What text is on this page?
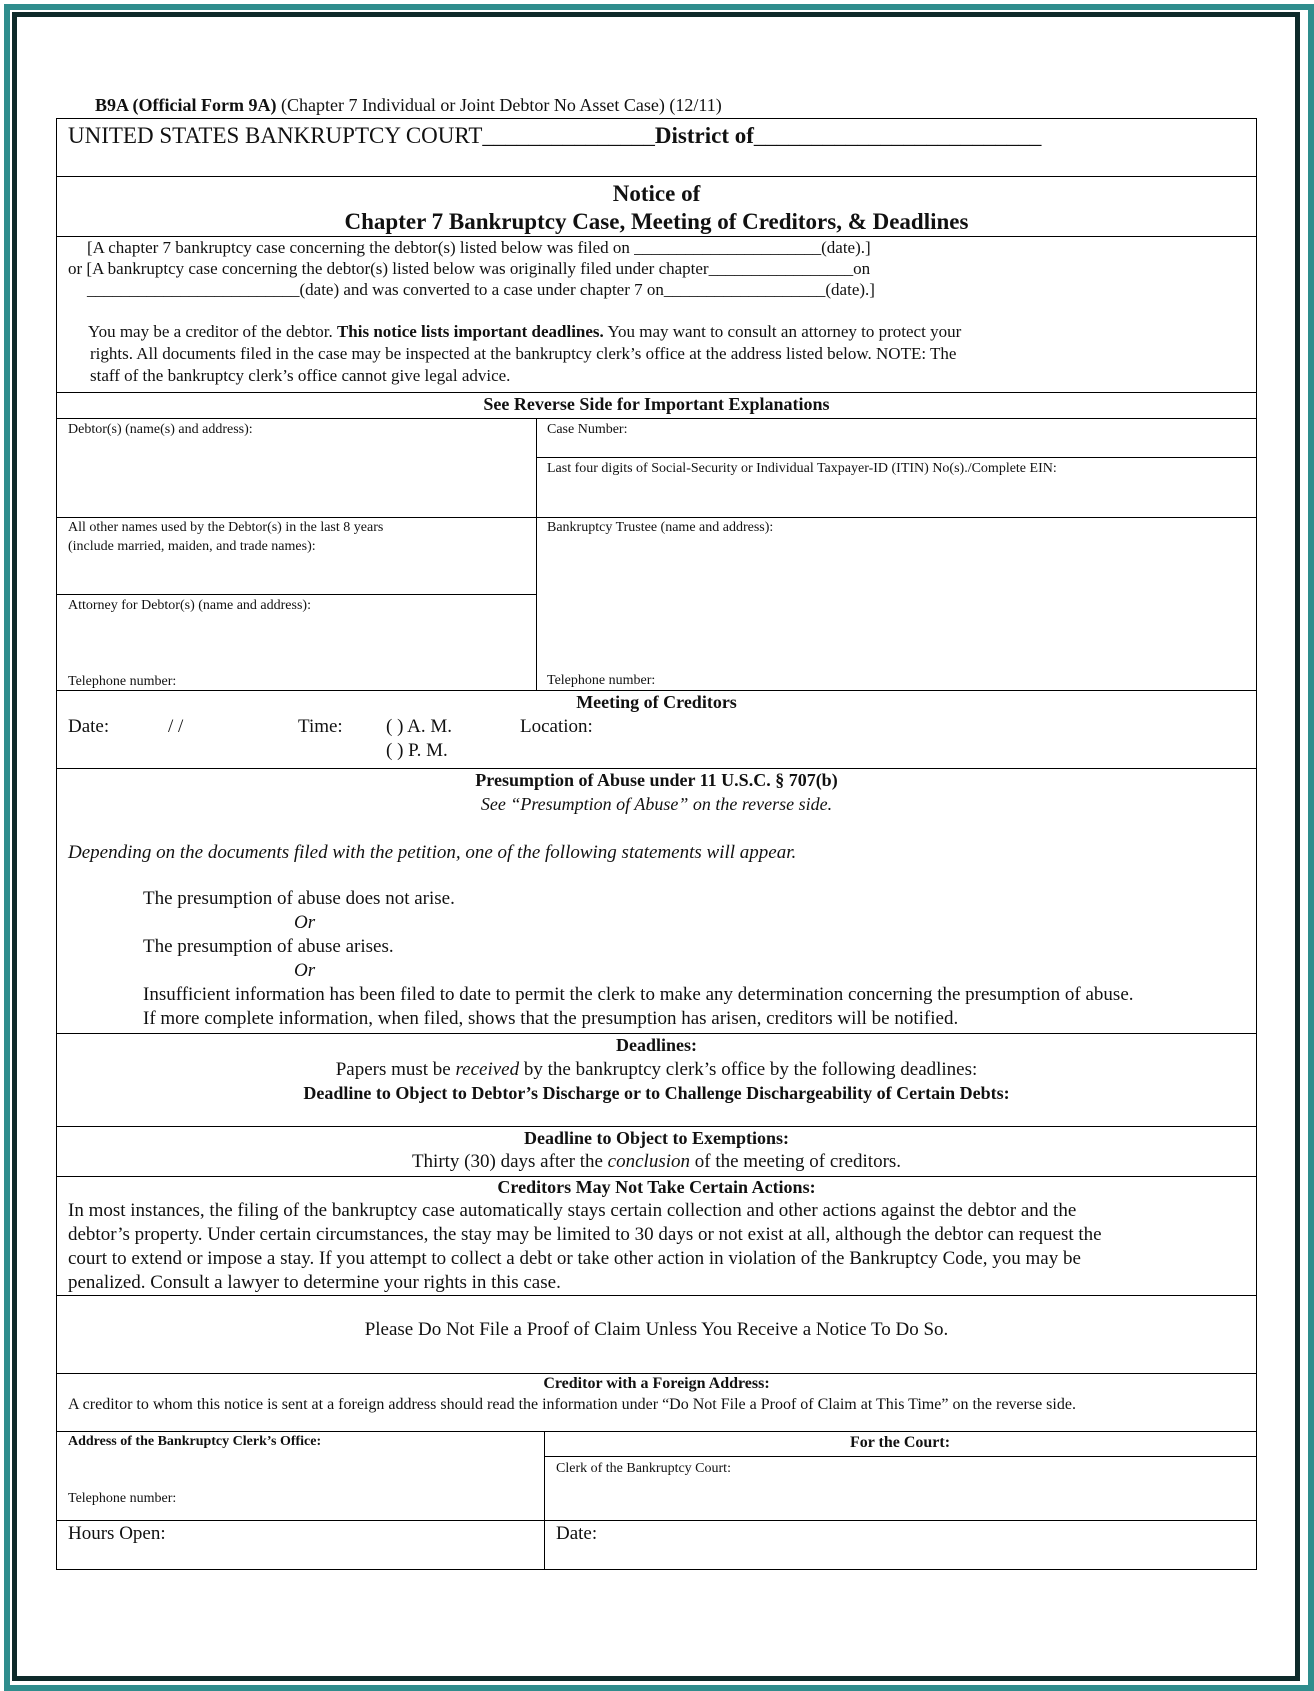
B9A (Official Form 9A) (Chapter 7 Individual or Joint Debtor No Asset Case) (12/11)
UNITED STATES BANKRUPTCY COURT_______________District of_________________________
Notice of
Chapter 7 Bankruptcy Case, Meeting of Creditors, & Deadlines
[A chapter 7 bankruptcy case concerning the debtor(s) listed below was filed on ______________________(date).]
or [A bankruptcy case concerning the debtor(s) listed below was originally filed under chapter_________________on
_________________________(date) and was converted to a case under chapter 7 on___________________(date).]
You may be a creditor of the debtor. This notice lists important deadlines. You may want to consult an attorney to protect your
rights. All documents filed in the case may be inspected at the bankruptcy clerk’s office at the address listed below. NOTE: The
staff of the bankruptcy clerk’s office cannot give legal advice.
See Reverse Side for Important Explanations
Debtor(s) (name(s) and address):	Case Number:
Last four digits of Social-Security or Individual Taxpayer-ID (ITIN) No(s)./Complete EIN:
All other names used by the Debtor(s) in the last 8 years
(include married, maiden, and trade names):
Bankruptcy Trustee (name and address):
Attorney for Debtor(s) (name and address):
Telephone number:	Telephone number:
Meeting of Creditors
Date:	/ /	Time: ( ) A. M.
( ) P. M.
Location:
Presumption of Abuse under 11 U.S.C. § 707(b)
See “Presumption of Abuse” on the reverse side.
Depending on the documents filed with the petition, one of the following statements will appear.
The presumption of abuse does not arise.
Or
The presumption of abuse arises.
Or
Insufficient information has been filed to date to permit the clerk to make any determination concerning the presumption of abuse.
If more complete information, when filed, shows that the presumption has arisen, creditors will be notified.
Deadlines:
Papers must be received by the bankruptcy clerk’s office by the following deadlines:
Deadline to Object to Debtor’s Discharge or to Challenge Dischargeability of Certain Debts:
Deadline to Object to Exemptions:
Thirty (30) days after the conclusion of the meeting of creditors.
Creditors May Not Take Certain Actions:
In most instances, the filing of the bankruptcy case automatically stays certain collection and other actions against the debtor and the
debtor’s property. Under certain circumstances, the stay may be limited to 30 days or not exist at all, although the debtor can request the
court to extend or impose a stay. If you attempt to collect a debt or take other action in violation of the Bankruptcy Code, you may be
penalized. Consult a lawyer to determine your rights in this case.
Please Do Not File a Proof of Claim Unless You Receive a Notice To Do So.
Creditor with a Foreign Address:
A creditor to whom this notice is sent at a foreign address should read the information under “Do Not File a Proof of Claim at This Time” on the reverse side.
Address of the Bankruptcy Clerk’s Office:	For the Court:
Clerk of the Bankruptcy Court:
Telephone number:
Hours Open:	Date:
